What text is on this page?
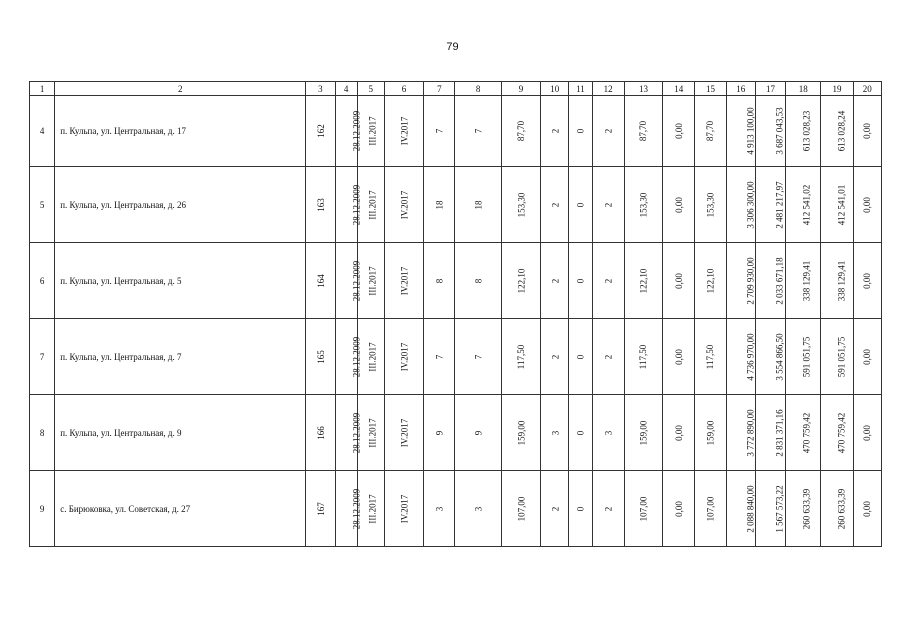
79
1	2	3	4	5	6	7	8	9	10	11	12	13	14	15	16	17	18	19	20
4	п. Кульпа, ул. Центральная, д. 17	162	28.12.2009	III.2017	IV.2017	7	7	87,70	2	0	2	87,70	0,00	87,70	4 913 100,00	3 687 043,53	613 028,23	613 028,24	0,00
5	п. Кульпа, ул. Центральная, д. 26	163	28.12.2009	III.2017	IV.2017	18	18	153,30	2	0	2	153,30	0,00	153,30	3 306 300,00	2 481 217,97	412 541,02	412 541,01	0,00
6	п. Кульпа, ул. Центральная, д. 5	164	28.12.2009	III.2017	IV.2017	8	8	122,10	2	0	2	122,10	0,00	122,10	2 709 930,00	2 033 671,18	338 129,41	338 129,41	0,00
7	п. Кульпа, ул. Центральная, д. 7	165	28.12.2009	III.2017	IV.2017	7	7	117,50	2	0	2	117,50	0,00	117,50	4 736 970,00	3 554 866,50	591 051,75	591 051,75	0,00
8	п. Кульпа, ул. Центральная, д. 9	166	28.12.2009	III.2017	IV.2017	9	9	159,00	3	0	3	159,00	0,00	159,00	3 772 890,00	2 831 371,16	470 759,42	470 759,42	0,00
9	с. Бирюковка, ул. Советская, д. 27	167	28.12.2009	III.2017	IV.2017	3	3	107,00	2	0	2	107,00	0,00	107,00	2 088 840,00	1 567 573,22	260 633,39	260 633,39	0,00
